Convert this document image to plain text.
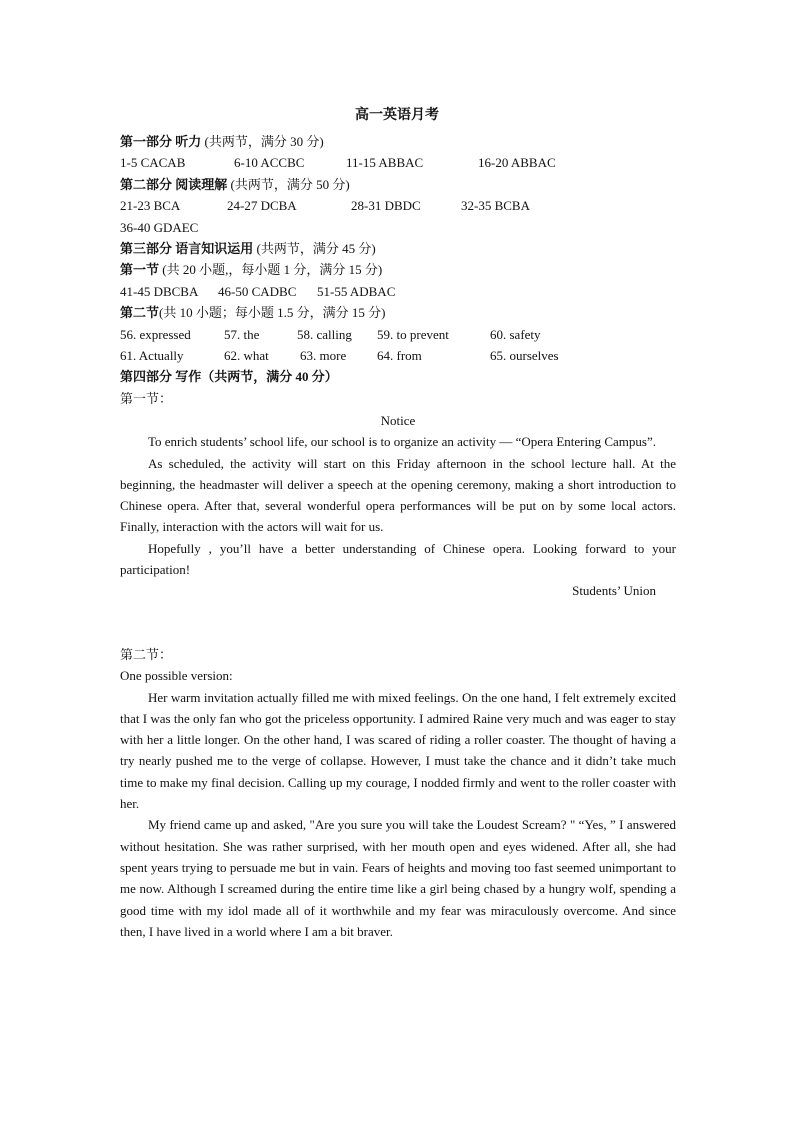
高一英语月考
第一部分 听力 (共两节，满分 30 分)
1-5 CACAB	6-10 ACCBC	11-15 ABBAC	16-20 ABBAC
第二部分 阅读理解 (共两节，满分 50 分)
21-23 BCA	24-27 DCBA	28-31 DBDC	32-35 BCBA
36-40 GDAEC
第三部分 语言知识运用 (共两节，满分 45 分)
第一节 (共 20 小题,，每小题 1 分，满分 15 分)
41-45 DBCBA 46-50 CADBC 51-55 ADBAC
第二节(共 10 小题；每小题 1.5 分，满分 15 分)
56. expressed	57. the	58. calling 59. to prevent	60. safety
61. Actually	62. what 63. more 64. from	65. ourselves
第四部分 写作（共两节，满分 40 分）
第一节：

Notice

To enrich students’ school life, our school is to organize an activity — “Opera Entering Campus”.

As scheduled, the activity will start on this Friday afternoon in the school lecture hall. At the beginning, the headmaster will deliver a speech at the opening ceremony, making a short introduction to Chinese opera. After that, several wonderful opera performances will be put on by some local actors. Finally, interaction with the actors will wait for us.

Hopefully , you’ll have a better understanding of Chinese opera. Looking forward to your participation!

Students’ Union

第二节：

One possible version:

Her warm invitation actually filled me with mixed feelings. On the one hand, I felt extremely excited that I was the only fan who got the priceless opportunity. I admired Raine very much and was eager to stay with her a little longer. On the other hand, I was scared of riding a roller coaster. The thought of having a try nearly pushed me to the verge of collapse. However, I must take the chance and it didn’t take much time to make my final decision. Calling up my courage, I nodded firmly and went to the roller coaster with her.

My friend came up and asked, "Are you sure you will take the Loudest Scream? " “Yes, ” I answered without hesitation. She was rather surprised, with her mouth open and eyes widened. After all, she had spent years trying to persuade me but in vain. Fears of heights and moving too fast seemed unimportant to me now. Although I screamed during the entire time like a girl being chased by a hungry wolf, spending a good time with my idol made all of it worthwhile and my fear was miraculously overcome. And since then, I have lived in a world where I am a bit braver.
